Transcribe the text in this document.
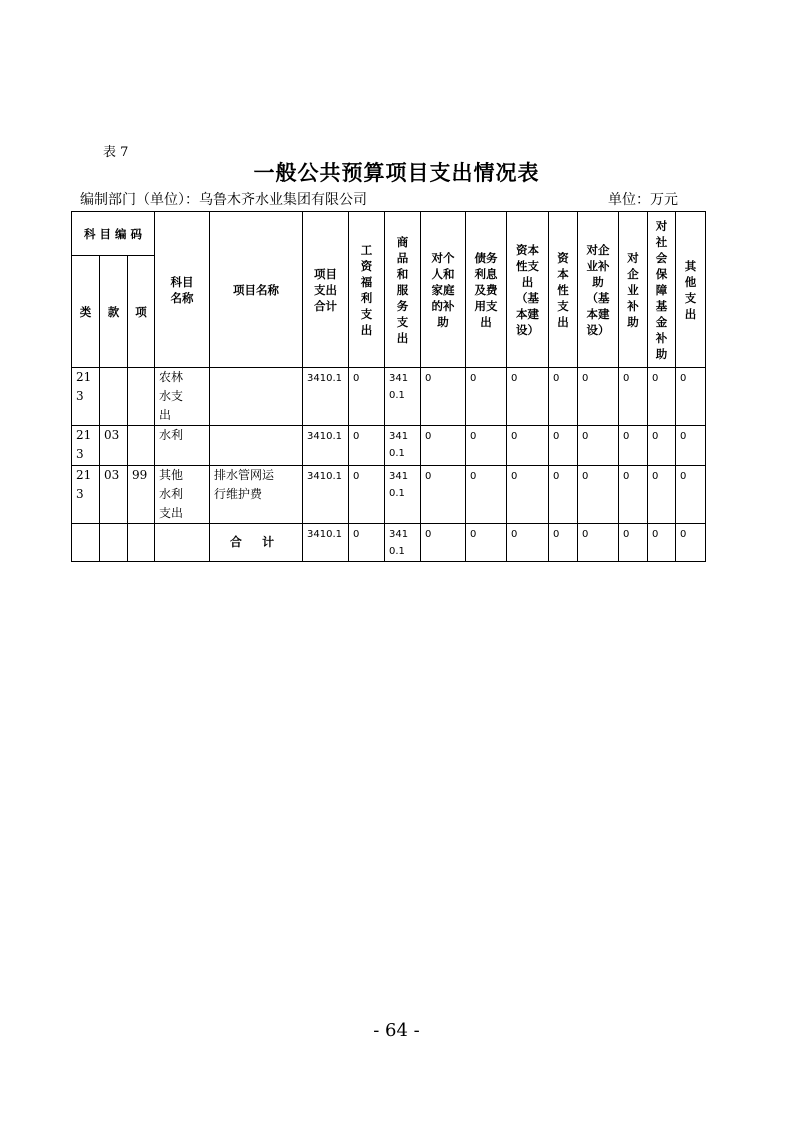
表 7
一般公共预算项目支出情况表
编制部门（单位）：乌鲁木齐水业集团有限公司	单位：万元
科 目 编 码			科目名称	项目名称	项目支出合计	工资福利支出	商品和服务支出	对个人和家庭的补助	债务利息及费用支出	资本性支出（基本建设）	资本性支出	对企业补助（基本建设）	对企业补助	对社会保障基金补助	其他支出
类	款	项													
213			农林水支出		3410.1	0	3410.1	0	0	0	0	0	0	0	0
213	03		水利		3410.1	0	3410.1	0	0	0	0	0	0	0	0
213	03	99	其他水利支出	排水管网运行维护费	3410.1	0	3410.1	0	0	0	0	0	0	0	0
				合 计	3410.1	0	3410.1	0	0	0	0	0	0	0	0
- 64 -
